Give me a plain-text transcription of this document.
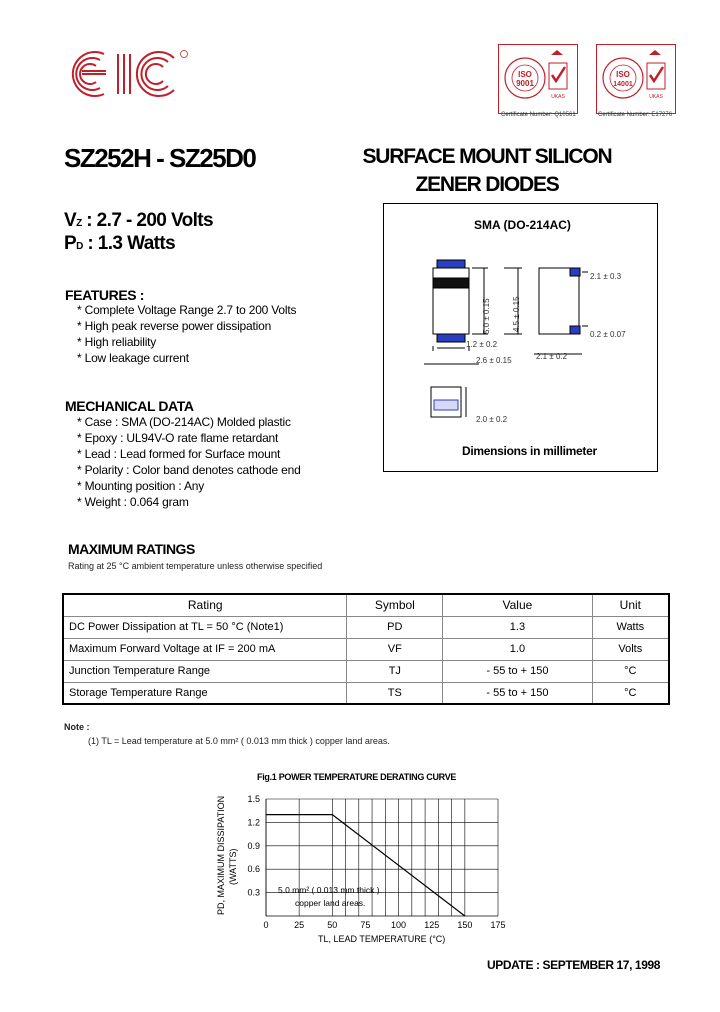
ISO
9001
UKAS
Certificate Number: Q10561
ISO
14001
UKAS
Certificate Number: E17276
SZ252H - SZ25D0	SURFACE MOUNT SILICON
ZENER DIODES
VZ : 2.7 - 200 Volts
PD : 1.3 Watts
FEATURES :
* Complete Voltage Range 2.7 to 200 Volts
* High peak reverse power dissipation
* High reliability
* Low leakage current
MECHANICAL DATA
* Case : SMA (DO-214AC) Molded plastic
* Epoxy : UL94V-O rate flame retardant
* Lead : Lead formed for Surface mount
* Polarity : Color band denotes cathode end
* Mounting position : Any
* Weight : 0.064 gram
SMA (DO-214AC)
5.0 ± 0.15	4.5 ± 0.15
2.1 ± 0.3
0.2 ± 0.07
1.2 ± 0.2
2.6 ± 0.15	2.1 ± 0.2
2.0 ± 0.2
Dimensions in millimeter
MAXIMUM RATINGS
Rating at 25 °C ambient temperature unless otherwise specified
Rating	Symbol	Value	Unit
DC Power Dissipation at TL = 50 °C (Note1)	PD	1.3	Watts
Maximum Forward Voltage at IF = 200 mA	VF	1.0	Volts
Junction Temperature Range	TJ	- 55 to + 150	°C
Storage Temperature Range	TS	- 55 to + 150	°C
Note :
(1) TL = Lead temperature at 5.0 mm² ( 0.013 mm thick ) copper land areas.
Fig.1 POWER TEMPERATURE DERATING CURVE
0	25	50	75 100 125 150 175
0.3
0.6
0.9
1.2
1.5
PD, MAXIMUM DISSIPATION (WATTS)
TL, LEAD TEMPERATURE (°C)
5.0 mm² ( 0.013 mm thick )
copper land areas.
UPDATE : SEPTEMBER 17, 1998
